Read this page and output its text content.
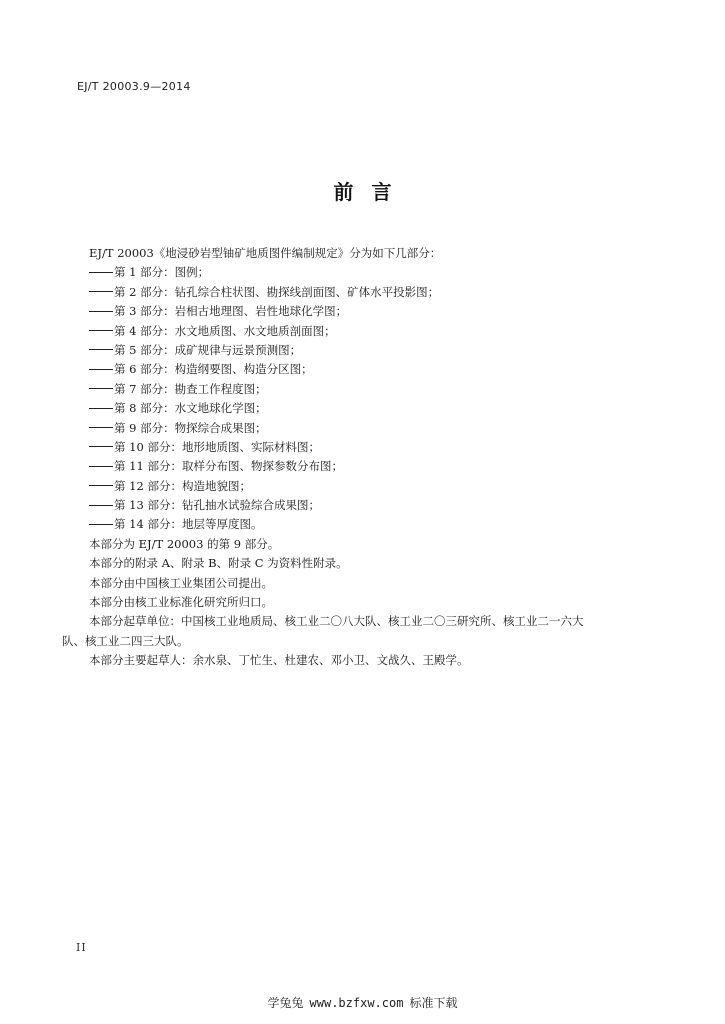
EJ/T 20003.9—2014
前言
EJ/T 20003《地浸砂岩型铀矿地质图件编制规定》分为如下几部分：
第 1 部分：图例；
第 2 部分：钻孔综合柱状图、勘探线剖面图、矿体水平投影图；
第 3 部分：岩相古地理图、岩性地球化学图；
第 4 部分：水文地质图、水文地质剖面图；
第 5 部分：成矿规律与远景预测图；
第 6 部分：构造纲要图、构造分区图；
第 7 部分：勘查工作程度图；
第 8 部分：水文地球化学图；
第 9 部分：物探综合成果图；
第 10 部分：地形地质图、实际材料图；
第 11 部分：取样分布图、物探参数分布图；
第 12 部分：构造地貌图；
第 13 部分：钻孔抽水试验综合成果图；
第 14 部分：地层等厚度图。
本部分为 EJ/T 20003 的第 9 部分。
本部分的附录 A、附录 B、附录 C 为资料性附录。
本部分由中国核工业集团公司提出。
本部分由核工业标准化研究所归口。
本部分起草单位：中国核工业地质局、核工业二〇八大队、核工业二〇三研究所、核工业二一六大
队、核工业二四三大队。
本部分主要起草人：余水泉、丁忙生、杜建农、邓小卫、文战久、王殿学。
II
学兔兔 www.bzfxw.com 标准下载
